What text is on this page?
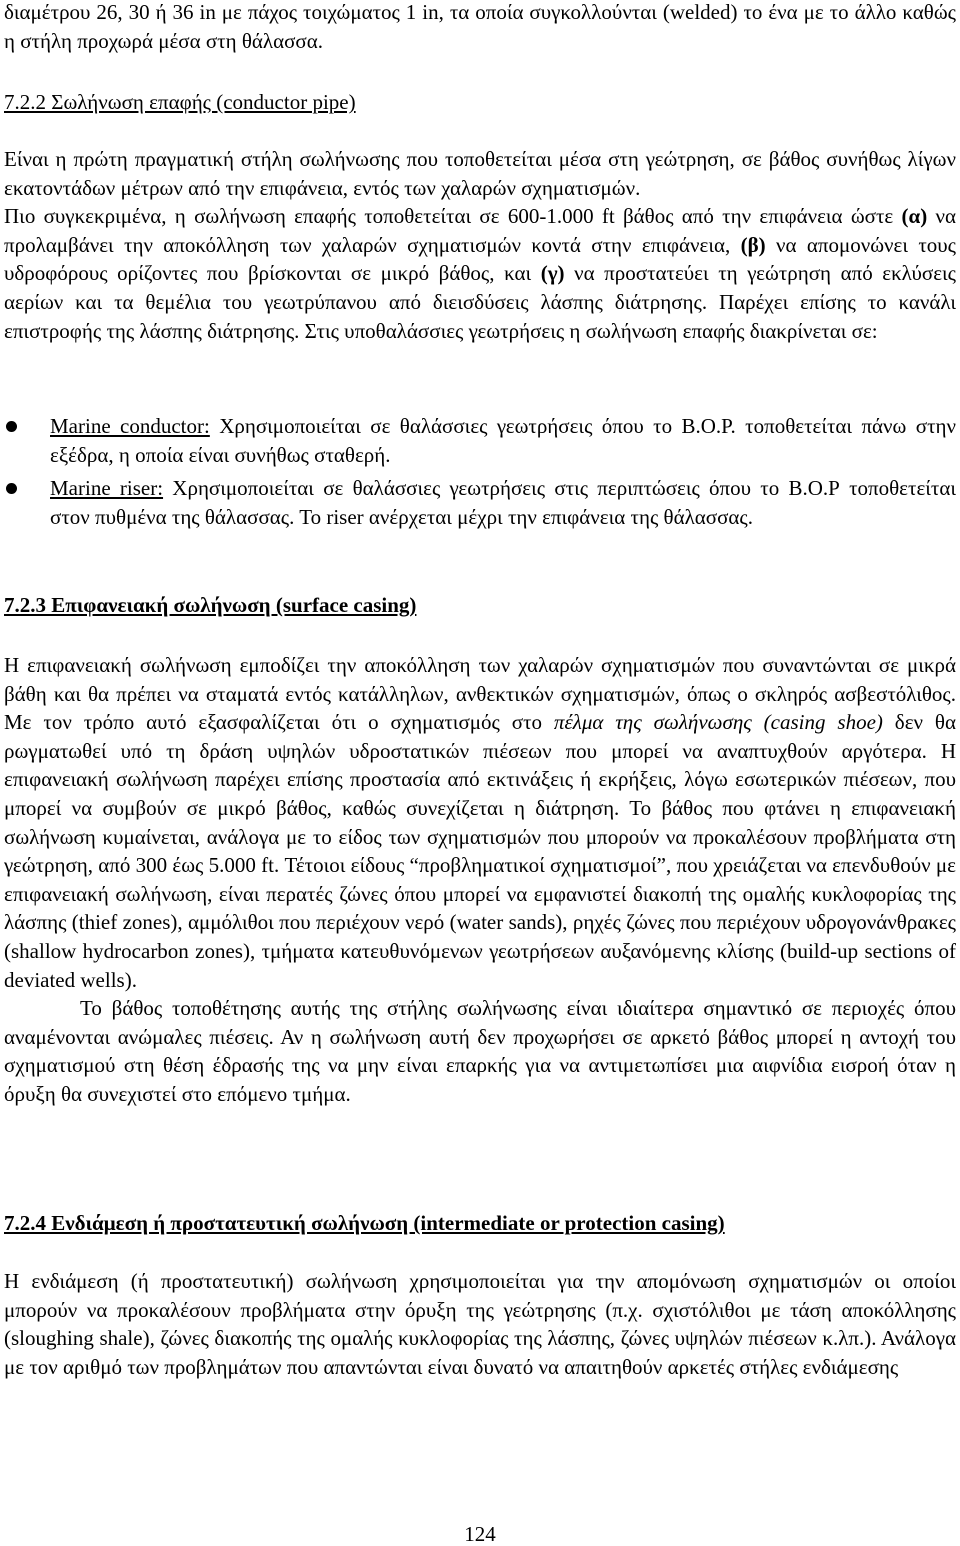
διαμέτρου 26, 30 ή 36 in με πάχος τοιχώματος 1 in, τα οποία συγκολλούνται (welded) το ένα με το άλλο καθώς η στήλη προχωρά μέσα στη θάλασσα.

7.2.2 Σωλήνωση επαφής (conductor pipe)

Είναι η πρώτη πραγματική στήλη σωλήνωσης που τοποθετείται μέσα στη γεώτρηση, σε βάθος συνήθως λίγων εκατοντάδων μέτρων από την επιφάνεια, εντός των χαλαρών σχηματισμών.

Πιο συγκεκριμένα, η σωλήνωση επαφής τοποθετείται σε 600-1.000 ft βάθος από την επιφάνεια ώστε (α) να προλαμβάνει την αποκόλληση των χαλαρών σχηματισμών κοντά στην επιφάνεια, (β) να απομονώνει τους υδροφόρους ορίζοντες που βρίσκονται σε μικρό βάθος, και (γ) να προστατεύει τη γεώτρηση από εκλύσεις αερίων και τα θεμέλια του γεωτρύπανου από διεισδύσεις λάσπης διάτρησης. Παρέχει επίσης το κανάλι επιστροφής της λάσπης διάτρησης. Στις υποθαλάσσιες γεωτρήσεις η σωλήνωση επαφής διακρίνεται σε:

Marine conductor: Χρησιμοποιείται σε θαλάσσιες γεωτρήσεις όπου το Β.Ο.Ρ. τοποθετείται πάνω στην εξέδρα, η οποία είναι συνήθως σταθερή.

Marine riser: Χρησιμοποιείται σε θαλάσσιες γεωτρήσεις στις περιπτώσεις όπου το Β.Ο.Ρ τοποθετείται στον πυθμένα της θάλασσας. Το riser ανέρχεται μέχρι την επιφάνεια της θάλασσας.

7.2.3 Επιφανειακή σωλήνωση (surface casing)

Η επιφανειακή σωλήνωση εμποδίζει την αποκόλληση των χαλαρών σχηματισμών που συναντώνται σε μικρά βάθη και θα πρέπει να σταματά εντός κατάλληλων, ανθεκτικών σχηματισμών, όπως ο σκληρός ασβεστόλιθος. Με τον τρόπο αυτό εξασφαλίζεται ότι ο σχηματισμός στο πέλμα της σωλήνωσης (casing shoe) δεν θα ρωγματωθεί υπό τη δράση υψηλών υδροστατικών πιέσεων που μπορεί να αναπτυχθούν αργότερα. Η επιφανειακή σωλήνωση παρέχει επίσης προστασία από εκτινάξεις ή εκρήξεις, λόγω εσωτερικών πιέσεων, που μπορεί να συμβούν σε μικρό βάθος, καθώς συνεχίζεται η διάτρηση. Το βάθος που φτάνει η επιφανειακή σωλήνωση κυμαίνεται, ανάλογα με το είδος των σχηματισμών που μπορούν να προκαλέσουν προβλήματα στη γεώτρηση, από 300 έως 5.000 ft. Τέτοιοι είδους “προβληματικοί σχηματισμοί”, που χρειάζεται να επενδυθούν με επιφανειακή σωλήνωση, είναι περατές ζώνες όπου μπορεί να εμφανιστεί διακοπή της ομαλής κυκλοφορίας της λάσπης (thief zones), αμμόλιθοι που περιέχουν νερό (water sands), ρηχές ζώνες που περιέχουν υδρογονάνθρακες (shallow hydrocarbon zones), τμήματα κατευθυνόμενων γεωτρήσεων αυξανόμενης κλίσης (build-up sections of deviated wells).

Το βάθος τοποθέτησης αυτής της στήλης σωλήνωσης είναι ιδιαίτερα σημαντικό σε περιοχές όπου αναμένονται ανώμαλες πιέσεις. Αν η σωλήνωση αυτή δεν προχωρήσει σε αρκετό βάθος μπορεί η αντοχή του σχηματισμού στη θέση έδρασής της να μην είναι επαρκής για να αντιμετωπίσει μια αιφνίδια εισροή όταν η όρυξη θα συνεχιστεί στο επόμενο τμήμα.

7.2.4 Ενδιάμεση ή προστατευτική σωλήνωση (intermediate or protection casing)

Η ενδιάμεση (ή προστατευτική) σωλήνωση χρησιμοποιείται για την απομόνωση σχηματισμών οι οποίοι μπορούν να προκαλέσουν προβλήματα στην όρυξη της γεώτρησης (π.χ. σχιστόλιθοι με τάση αποκόλλησης (sloughing shale), ζώνες διακοπής της ομαλής κυκλοφορίας της λάσπης, ζώνες υψηλών πιέσεων κ.λπ.). Ανάλογα με τον αριθμό των προβλημάτων που απαντώνται είναι δυνατό να απαιτηθούν αρκετές στήλες ενδιάμεσης

124
